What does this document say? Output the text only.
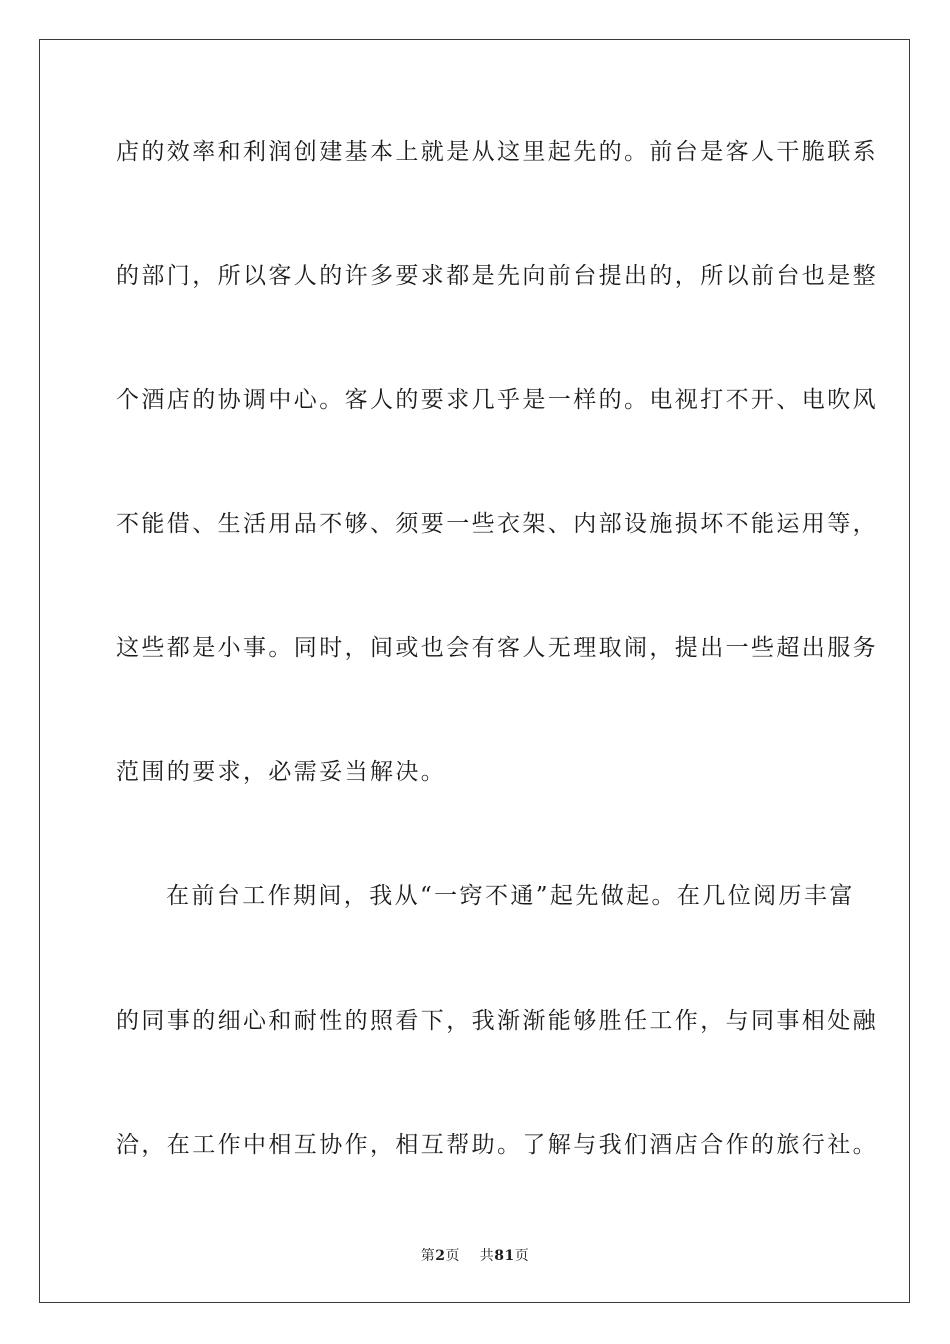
店的效率和利润创建基本上就是从这里起先的。前台是客人干脆联系
的部门，所以客人的许多要求都是先向前台提出的，所以前台也是整
个酒店的协调中心。客人的要求几乎是一样的。电视打不开、电吹风
不能借、生活用品不够、须要一些衣架、内部设施损坏不能运用等，
这些都是小事。同时，间或也会有客人无理取闹，提出一些超出服务
范围的要求，必需妥当解决。
在前台工作期间，我从“一窍不通”起先做起。在几位阅历丰富
的同事的细心和耐性的照看下，我渐渐能够胜任工作，与同事相处融
洽，在工作中相互协作，相互帮助。了解与我们酒店合作的旅行社。
第2页 共81页
